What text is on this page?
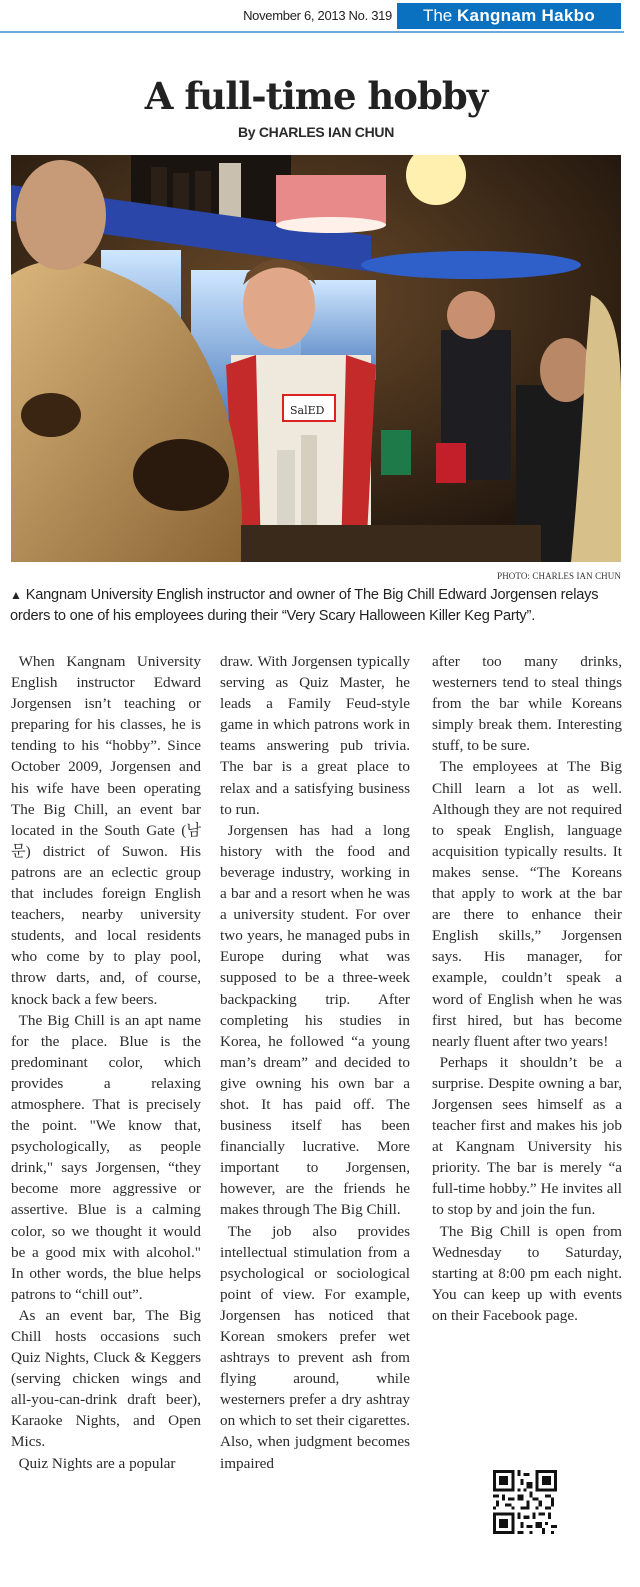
November 6, 2013 No. 319	The Kangnam Hakbo
A full-time hobby
By CHARLES IAN CHUN
SalED
PHOTO: CHARLES IAN CHUN
▲ Kangnam University English instructor and owner of The Big Chill Edward Jorgensen relays orders to one of his employees during their “Very Scary Halloween Killer Keg Party”.

When Kangnam University English instructor Edward Jorgensen isn’t teaching or preparing for his classes, he is tending to his “hobby”. Since October 2009, Jorgensen and his wife have been operating The Big Chill, an event bar located in the South Gate (남문) district of Suwon. His patrons are an eclectic group that includes foreign English teachers, nearby university students, and local residents who come by to play pool, throw darts, and, of course, knock back a few beers.

The Big Chill is an apt name for the place. Blue is the predominant color, which provides a relaxing atmosphere. That is precisely the point. "We know that, psychologically, as people drink," says Jorgensen, “they become more aggressive or assertive. Blue is a calming color, so we thought it would be a good mix with alcohol." In other words, the blue helps patrons to “chill out”.

As an event bar, The Big Chill hosts occasions such Quiz Nights, Cluck & Keggers (serving chicken wings and all-you-can-drink draft beer), Karaoke Nights, and Open Mics.

Quiz Nights are a popular

draw. With Jorgensen typically serving as Quiz Master, he leads a Family Feud-style game in which patrons work in teams answering pub trivia. The bar is a great place to relax and a satisfying business to run.

Jorgensen has had a long history with the food and beverage industry, working in a bar and a resort when he was a university student. For over two years, he managed pubs in Europe during what was supposed to be a three-week backpacking trip. After completing his studies in Korea, he followed “a young man’s dream” and decided to give owning his own bar a shot. It has paid off. The business itself has been financially lucrative. More important to Jorgensen, however, are the friends he makes through The Big Chill.

The job also provides intellectual stimulation from a psychological or sociological point of view. For example, Jorgensen has noticed that Korean smokers prefer wet ashtrays to prevent ash from flying around, while westerners prefer a dry ashtray on which to set their cigarettes. Also, when judgment becomes impaired

after too many drinks, westerners tend to steal things from the bar while Koreans simply break them. Interesting stuff, to be sure.

The employees at The Big Chill learn a lot as well. Although they are not required to speak English, language acquisition typically results. It makes sense. “The Koreans that apply to work at the bar are there to enhance their English skills,” Jorgensen says. His manager, for example, couldn’t speak a word of English when he was first hired, but has become nearly fluent after two years!

Perhaps it shouldn’t be a surprise. Despite owning a bar, Jorgensen sees himself as a teacher first and makes his job at Kangnam University his priority. The bar is merely “a full-time hobby.” He invites all to stop by and join the fun.

The Big Chill is open from Wednesday to Saturday, starting at 8:00 pm each night. You can keep up with events on their Facebook page.
